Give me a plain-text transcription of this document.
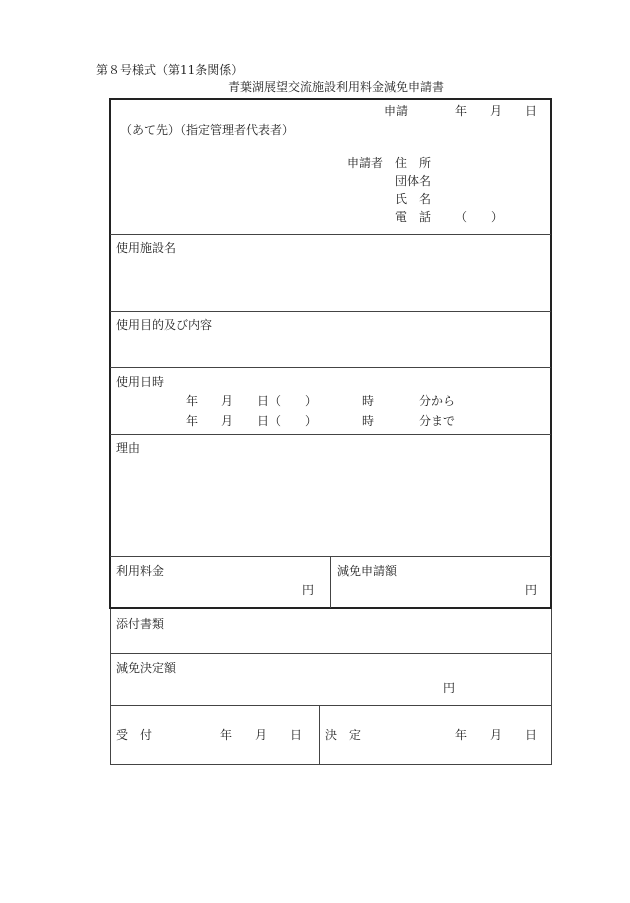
第８号様式（第11条関係）
青葉湖展望交流施設利用料金減免申請書
申請	年 月 日
（あて先）（指定管理者代表者）
申請者 住　所
団体名
氏　名
電　話 （　　）
使用施設名
使用目的及び内容
使用日時
年 月 日（　　）	時	分から
年 月 日（　　）	時	分まで
理由
利用料金
円
減免申請額
円
添付書類
減免決定額
円
受　付	年 月 日 決　定	年 月 日
